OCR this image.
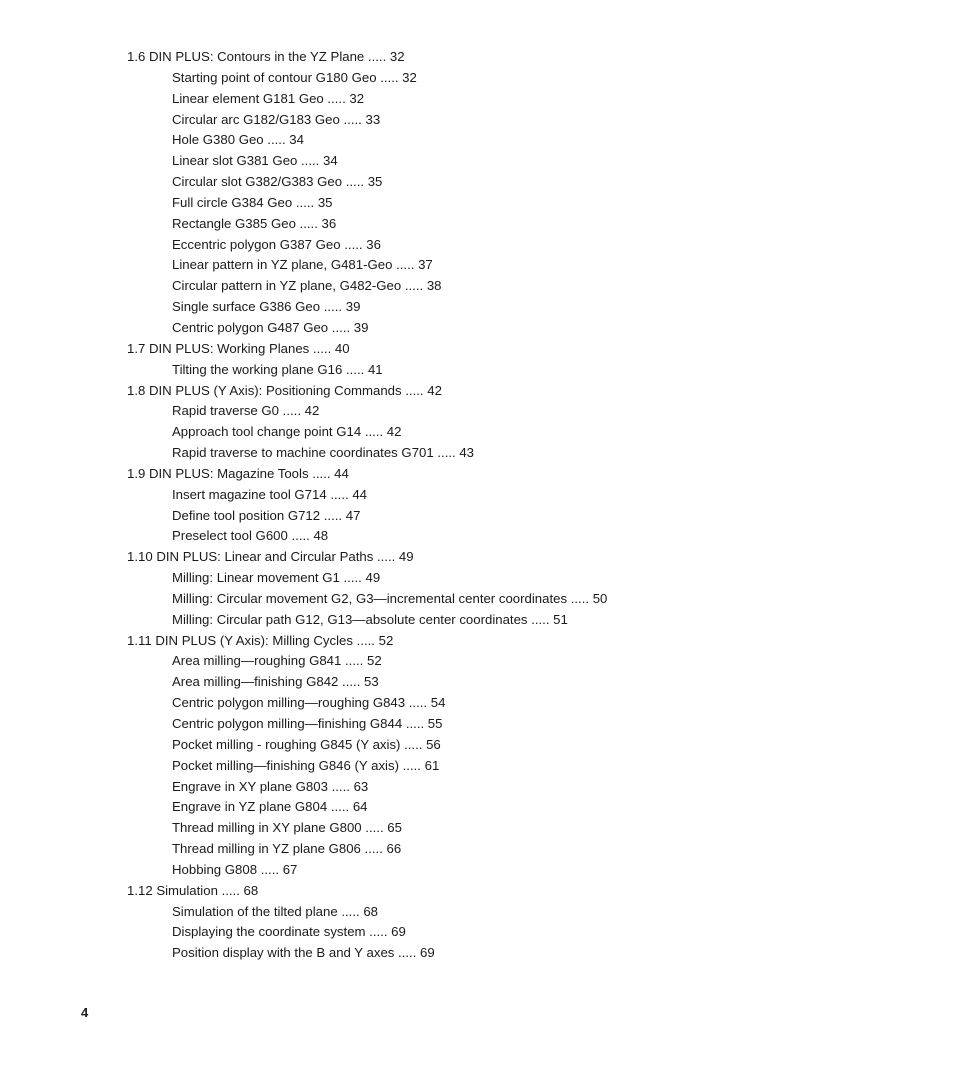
1.6 DIN PLUS: Contours in the YZ Plane ..... 32
Starting point of contour G180 Geo ..... 32
Linear element G181 Geo ..... 32
Circular arc G182/G183 Geo ..... 33
Hole G380 Geo ..... 34
Linear slot G381 Geo ..... 34
Circular slot G382/G383 Geo ..... 35
Full circle G384 Geo ..... 35
Rectangle G385 Geo ..... 36
Eccentric polygon G387 Geo ..... 36
Linear pattern in YZ plane, G481-Geo ..... 37
Circular pattern in YZ plane, G482-Geo ..... 38
Single surface G386 Geo ..... 39
Centric polygon G487 Geo ..... 39
1.7 DIN PLUS: Working Planes ..... 40
Tilting the working plane G16 ..... 41
1.8 DIN PLUS (Y Axis): Positioning Commands ..... 42
Rapid traverse G0 ..... 42
Approach tool change point G14 ..... 42
Rapid traverse to machine coordinates G701 ..... 43
1.9 DIN PLUS: Magazine Tools ..... 44
Insert magazine tool G714 ..... 44
Define tool position G712 ..... 47
Preselect tool G600 ..... 48
1.10 DIN PLUS: Linear and Circular Paths ..... 49
Milling: Linear movement G1 ..... 49
Milling: Circular movement G2, G3—incremental center coordinates ..... 50
Milling: Circular path G12, G13—absolute center coordinates ..... 51
1.11 DIN PLUS (Y Axis): Milling Cycles ..... 52
Area milling—roughing G841 ..... 52
Area milling—finishing G842 ..... 53
Centric polygon milling—roughing G843 ..... 54
Centric polygon milling—finishing G844 ..... 55
Pocket milling - roughing G845 (Y axis) ..... 56
Pocket milling—finishing G846 (Y axis) ..... 61
Engrave in XY plane G803 ..... 63
Engrave in YZ plane G804 ..... 64
Thread milling in XY plane G800 ..... 65
Thread milling in YZ plane G806 ..... 66
Hobbing G808 ..... 67
1.12 Simulation ..... 68
Simulation of the tilted plane ..... 68
Displaying the coordinate system ..... 69
Position display with the B and Y axes ..... 69
4
